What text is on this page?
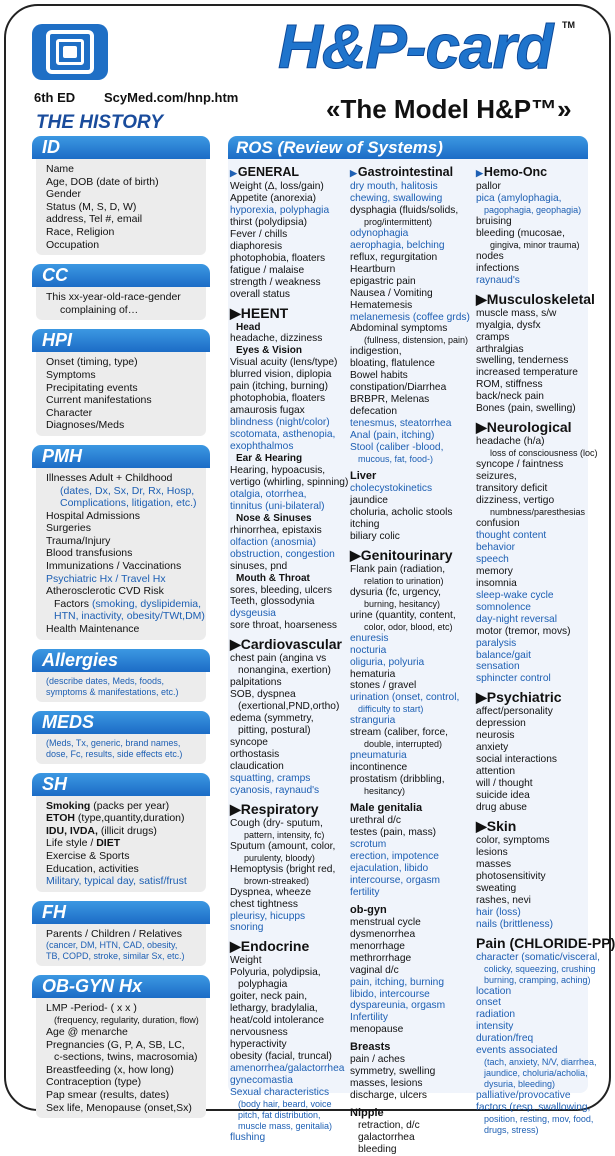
6th ED ScyMed.com/hnp.htm
H&P-card TM
«The Model H&P™»
THE HISTORY
ID
Name
Age, DOB (date of birth)
Gender
Status (M, S, D, W)
address, Tel #, email
Race, Religion
Occupation
CC
This xx-year-old-race-gender
complaining of…
HPI
Onset (timing, type)
Symptoms
Precipitating events
Current manifestations
Character
Diagnoses/Meds
PMH
Illnesses Adult + Childhood
(dates, Dx, Sx, Dr, Rx, Hosp,
Complications, litigation, etc.)
Hospital Admissions
Surgeries
Trauma/Injury
Blood transfusions
Immunizations / Vaccinations
Psychiatric Hx / Travel Hx
Atherosclerotic CVD Risk
Factors (smoking, dyslipidemia,
HTN, inactivity, obesity/TWt,DM)
Health Maintenance
Allergies
(describe dates, Meds, foods,
symptoms & manifestations, etc.)
MEDS
(Meds, Tx, generic, brand names,
dose, Fc, results, side effects etc.)
SH
Smoking (packs per year)
ETOH (type,quantity,duration)
IDU, IVDA, (illicit drugs)
Life style / DIET
Exercise & Sports
Education, activities
Military, typical day, satisf/frust
FH
Parents / Children / Relatives
(cancer, DM, HTN, CAD, obesity,
TB, COPD, stroke, similar Sx, etc.)
OB-GYN Hx
LMP -Period- ( x x )
(frequency, regularity, duration, flow)
Age @ menarche
Pregnancies (G, P, A, SB, LC,
c-sections, twins, macrosomia)
Breastfeeding (x, how long)
Contraception (type)
Pap smear (results, dates)
Sex life, Menopause (onset,Sx)
ROS (Review of Systems)
▶GENERAL
Weight (Δ, loss/gain)
Appetite (anorexia)
hyporexia, polyphagia
thirst (polydipsia)
Fever / chills
diaphoresis
photophobia, floaters
fatigue / malaise
strength / weakness
overall status
▶HEENT
Head
headache, dizziness
Eyes & Vision
Visual acuity (lens/type)
blurred vision, diplopia
pain (itching, burning)
photophobia, floaters
amaurosis fugax
blindness (night/color)
scotomata, asthenopia,
exophthalmos
Ear & Hearing
Hearing, hypoacusis,
vertigo (whirling, spinning)
otalgia, otorrhea,
tinnitus (uni-bilateral)
Nose & Sinuses
rhinorrhea, epistaxis
olfaction (anosmia)
obstruction, congestion
sinuses, pnd
Mouth & Throat
sores, bleeding, ulcers
Teeth, glossodynia
dysgeusia
sore throat, hoarseness
▶Cardiovascular
chest pain (angina vs
nonangina, exertion)
palpitations
SOB, dyspnea
(exertional,PND,ortho)
edema (symmetry,
pitting, postural)
syncope
orthostasis
claudication
squatting, cramps
cyanosis, raynaud's
▶Respiratory
Cough (dry- sputum,
pattern, intensity, fc)
Sputum (amount, color,
purulenty, bloody)
Hemoptysis (bright red,
brown-streaked)
Dyspnea, wheeze
chest tightness
pleurisy, hicupps
snoring
▶Endocrine
Weight
Polyuria, polydipsia,
polyphagia
goiter, neck pain,
lethargy, bradylalia,
heat/cold intolerance
nervousness
hyperactivity
obesity (facial, truncal)
amenorrhea/galactorrhea
gynecomastia
Sexual characteristics
(body hair, beard, voice
pitch, fat distribution,
muscle mass, genitalia)
flushing
▶Gastrointestinal
dry mouth, halitosis
chewing, swallowing
dysphagia (fluids/solids,
prog/intermittent)
odynophagia
aerophagia, belching
reflux, regurgitation
Heartburn
epigastric pain
Nausea / Vomiting
Hematemesis
melanemesis (coffee grds)
Abdominal symptoms
(fullness, distension, pain)
indigestion,
bloating, flatulence
Bowel habits
constipation/Diarrhea
BRBPR, Melenas
defecation
tenesmus, steatorrhea
Anal (pain, itching)
Stool (caliber -blood,
mucous, fat, food-)
Liver
cholecystokinetics
jaundice
choluria, acholic stools
itching
biliary colic
▶Genitourinary
Flank pain (radiation,
relation to urination)
dysuria (fc, urgency,
burning, hesitancy)
urine (quantity, content,
color, odor, blood, etc)
enuresis
nocturia
oliguria, polyuria
hematuria
stones / gravel
urination (onset, control,
difficulty to start)
stranguria
stream (caliber, force,
double, interrupted)
pneumaturia
incontinence
prostatism (dribbling,
hesitancy)
Male genitalia
urethral d/c
testes (pain, mass)
scrotum
erection, impotence
ejaculation, libido
intercourse, orgasm
fertility
ob-gyn
menstrual cycle
dysmenorrhea
menorrhage
methrorrhage
vaginal d/c
pain, itching, burning
libido, intercourse
dyspareunia, orgasm
Infertility
menopause
Breasts
pain / aches
symmetry, swelling
masses, lesions
discharge, ulcers
Nipple
retraction, d/c
galactorrhea
bleeding
▶Hemo-Onc
pallor
pica (amylophagia,
pagophagia, geophagia)
bruising
bleeding (mucosae,
gingiva, minor trauma)
nodes
infections
raynaud's
▶Musculoskeletal
muscle mass, s/w
myalgia, dysfx
cramps
arthralgias
swelling, tenderness
increased temperature
ROM, stiffness
back/neck pain
Bones (pain, swelling)
▶Neurological
headache (h/a)
loss of consciousness (loc)
syncope / faintness
seizures,
transitory deficit
dizziness, vertigo
numbness/paresthesias
confusion
thought content
behavior
speech
memory
insomnia
sleep-wake cycle
somnolence
day-night reversal
motor (tremor, movs)
paralysis
balance/gait
sensation
sphincter control
▶Psychiatric
affect/personality
depression
neurosis
anxiety
social interactions
attention
will / thought
suicide idea
drug abuse
▶Skin
color, symptoms
lesions
masses
photosensitivity
sweating
rashes, nevi
hair (loss)
nails (brittleness)
Pain (CHLORIDE-PP)
character (somatic/visceral,
colicky, squeezing, crushing
burning, cramping, aching)
location
onset
radiation
intensity
duration/freq
events associated
(tach, anxiety, N/V, diarrhea,
jaundice, choluria/acholia,
dysuria, bleeding)
palliative/provocative
factors (resp, swallowing,
position, resting, mov, food,
drugs, stress)
